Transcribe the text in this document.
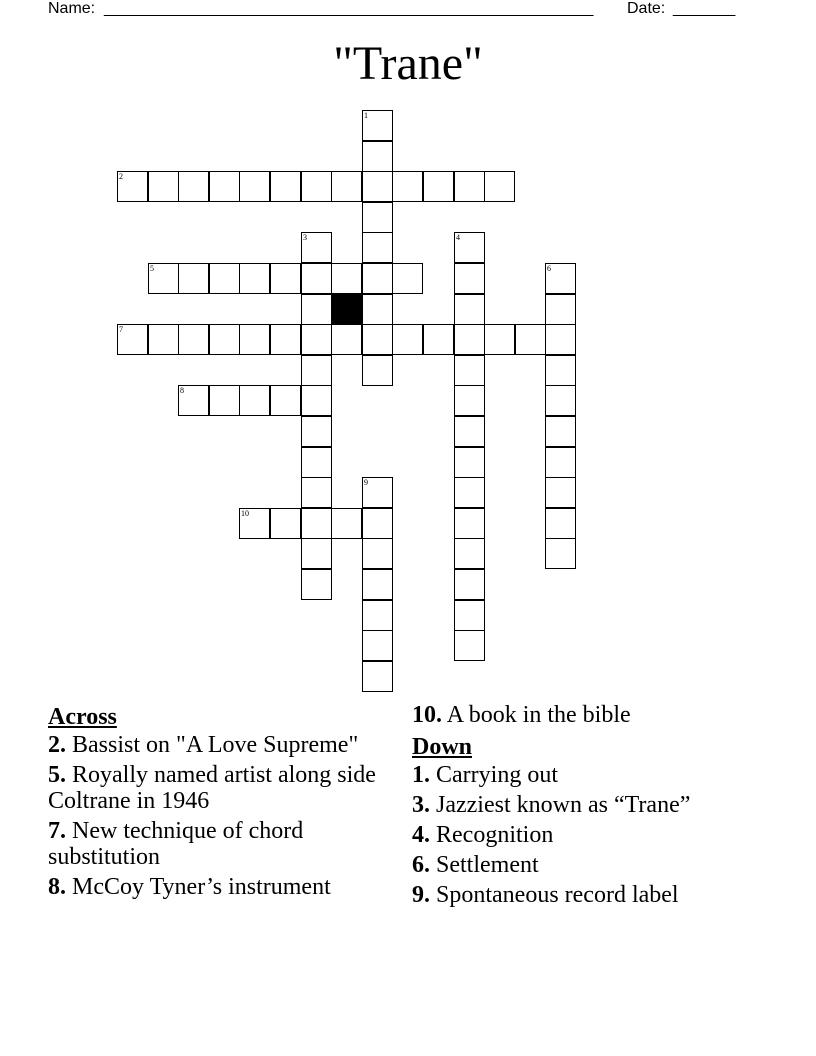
Name: _______________________________________________________ Date: _______
"Trane"
1
2
3	4
5	6
7
8
9
10
Across
2. Bassist on "A Love Supreme"
5. Royally named artist along side Coltrane in 1946
7. New technique of chord substitution
8. McCoy Tyner’s instrument
10. A book in the bible
Down
1. Carrying out
3. Jazziest known as “Trane”
4. Recognition
6. Settlement
9. Spontaneous record label
